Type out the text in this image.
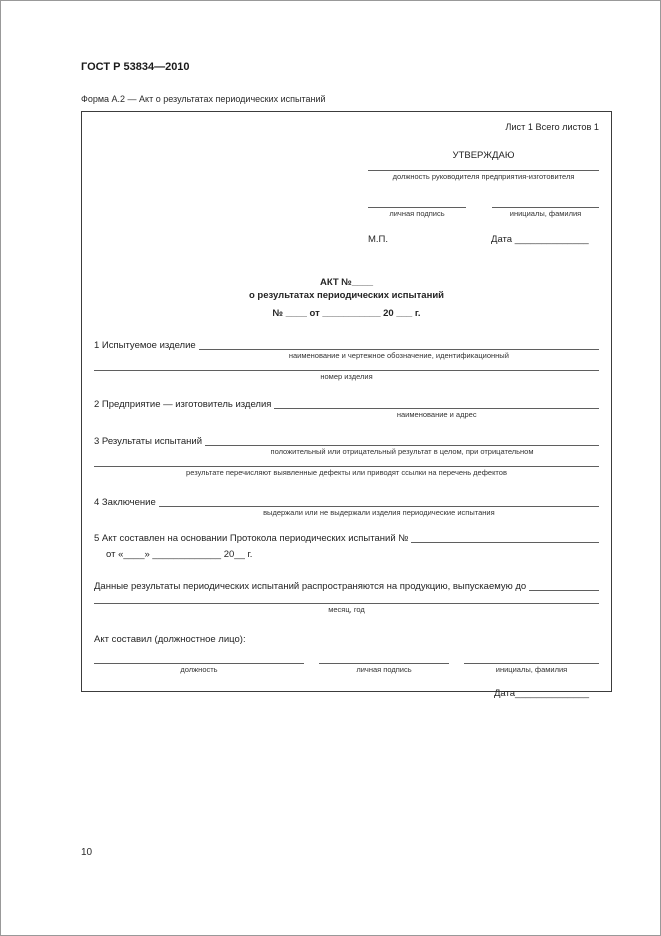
ГОСТ Р 53834—2010
Форма А.2 — Акт о результатах периодических испытаний
Лист 1 Всего листов 1
УТВЕРЖДАЮ
должность руководителя предприятия-изготовителя
личная подпись	инициалы, фамилия
М.П.	Дата ______________
АКТ №____
о результатах периодических испытаний
№ ____ от ___________ 20 ___ г.
1 Испытуемое изделие
наименование и чертежное обозначение, идентификационный
номер изделия
2 Предприятие — изготовитель изделия
наименование и адрес
3 Результаты испытаний
положительный или отрицательный результат в целом, при отрицательном
результате перечисляют выявленные дефекты или приводят ссылки на перечень дефектов
4 Заключение
выдержали или не выдержали изделия периодические испытания
5 Акт составлен на основании Протокола периодических испытаний №
от «____» _____________ 20__ г.
Данные результаты периодических испытаний распространяются на продукцию, выпускаемую до
месяц, год
Акт составил (должностное лицо):
должность	личная подпись	инициалы, фамилия
Дата______________
10
